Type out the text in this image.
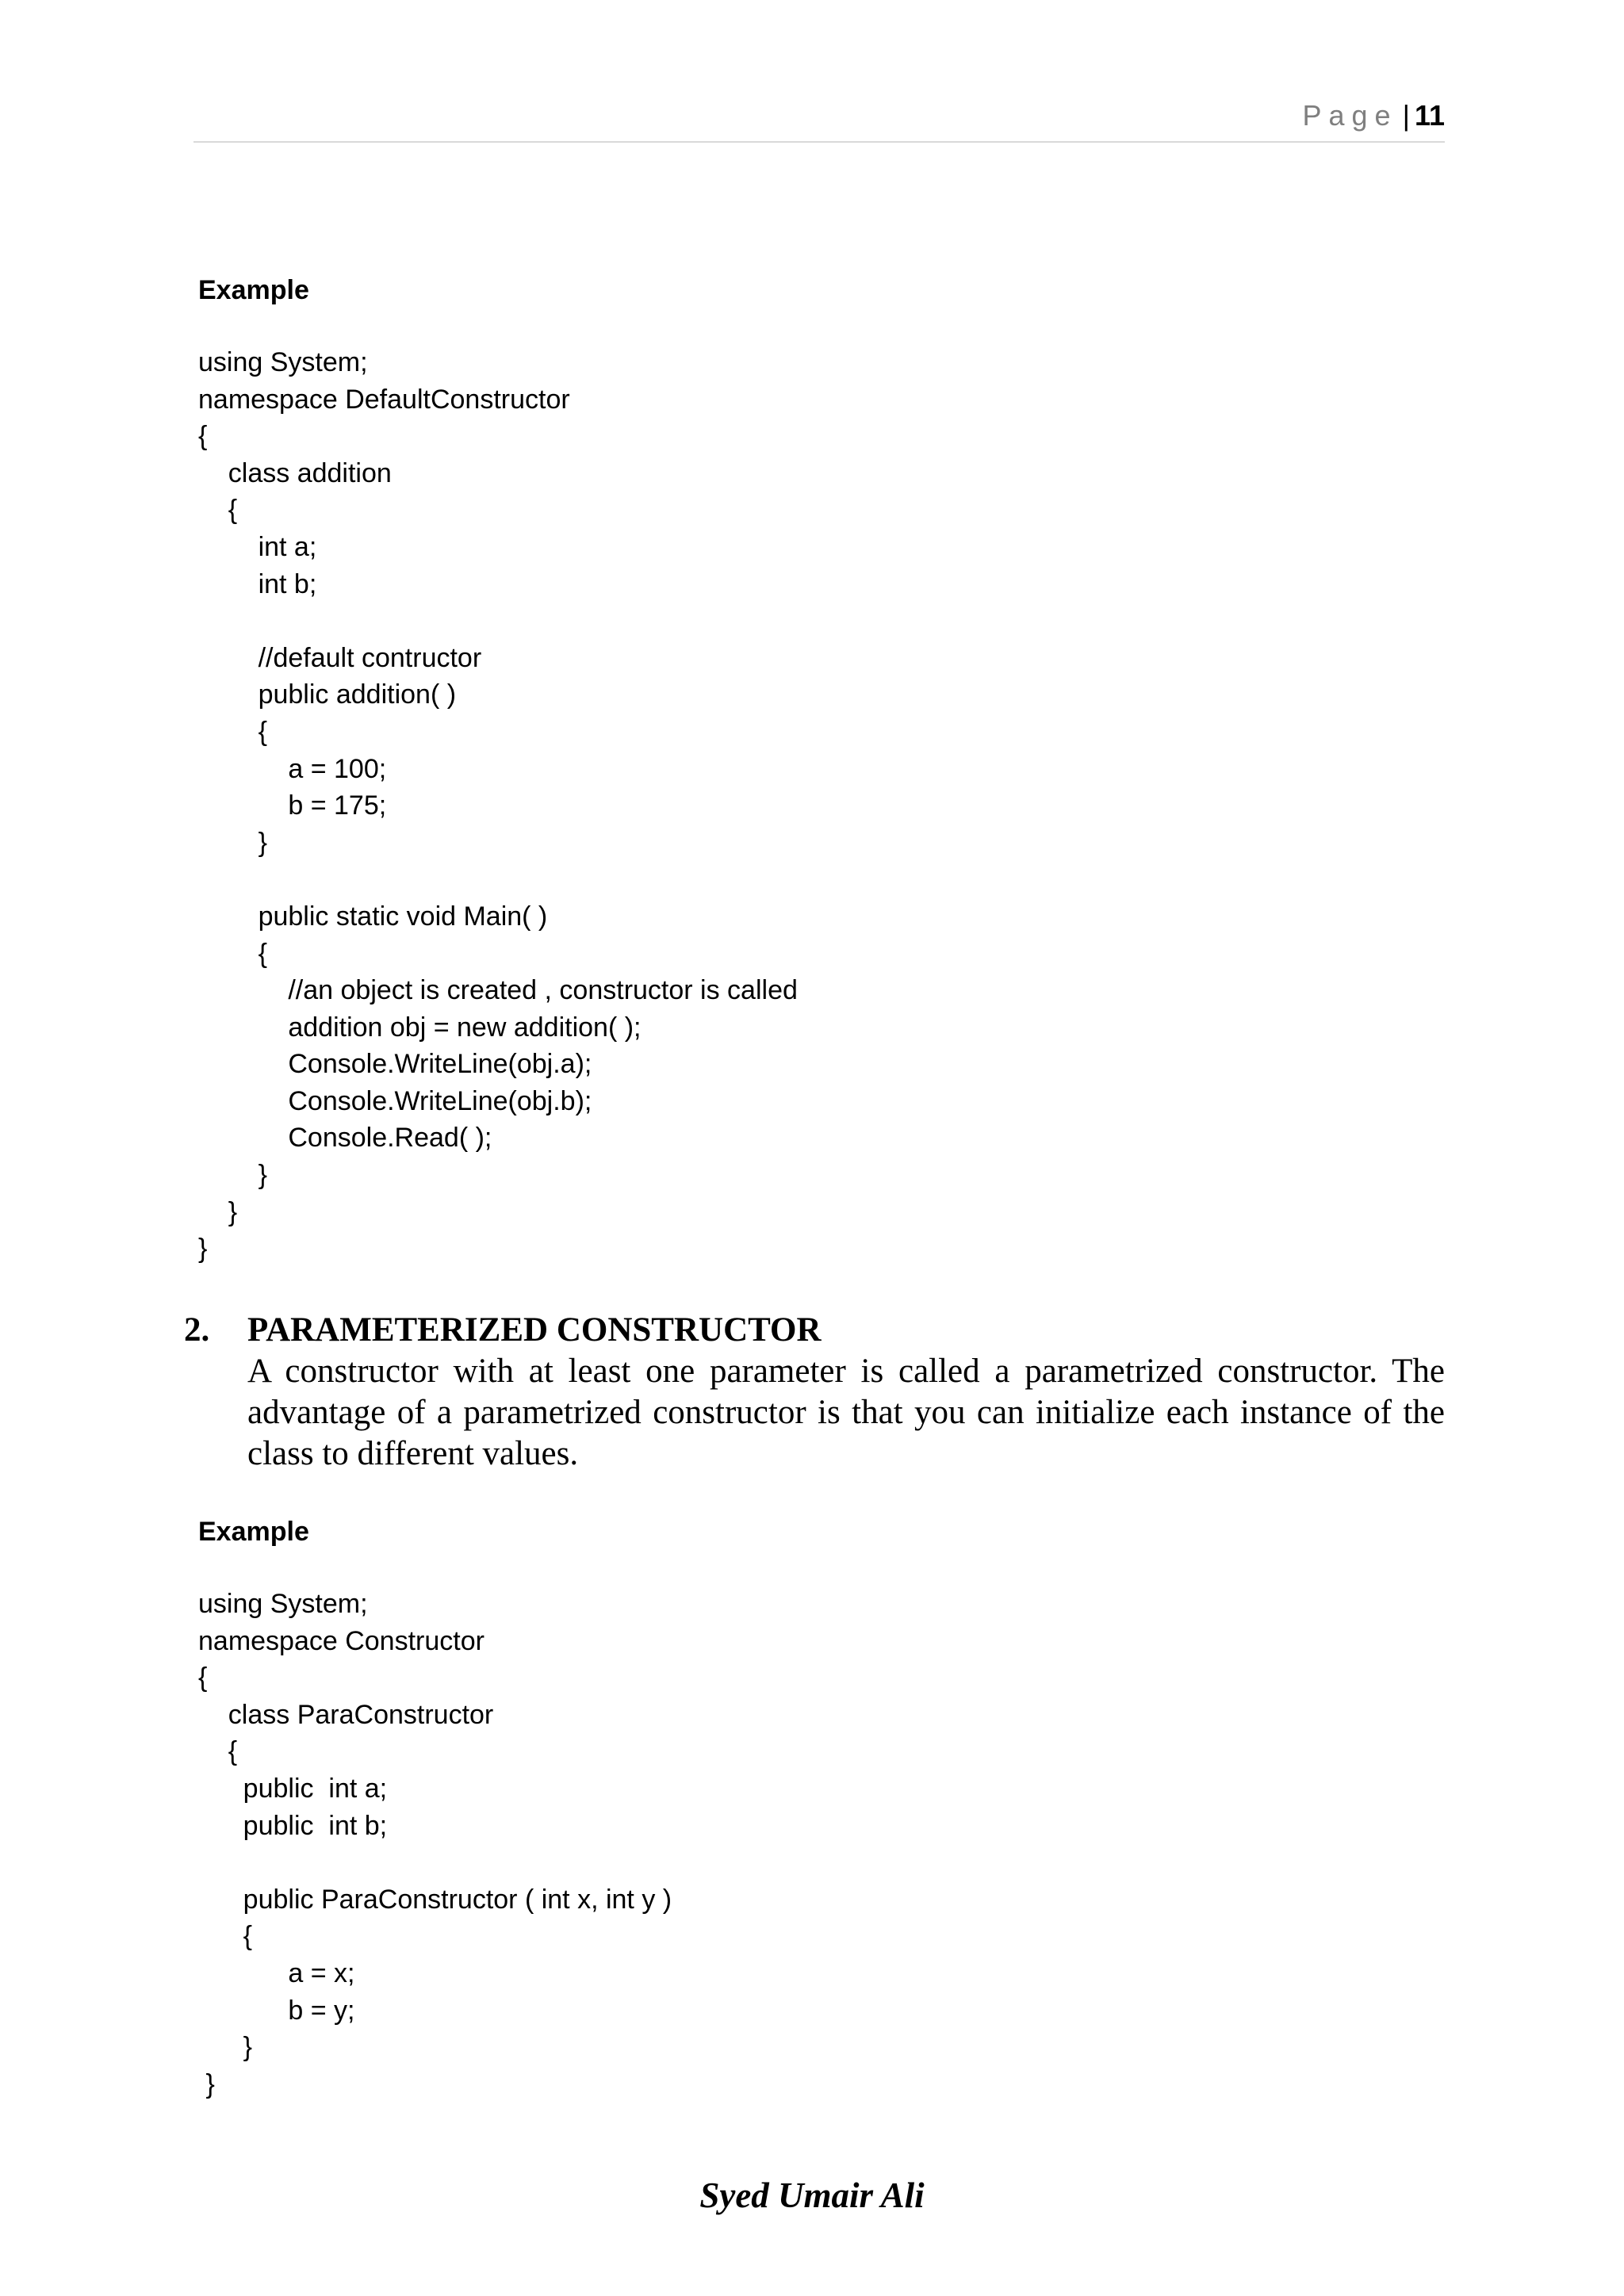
Page | 11
Example
using System;
namespace DefaultConstructor
{
class addition
{
int a;
int b;

//default contructor
public addition( )
{
a = 100;
b = 175;
}

public static void Main( )
{
//an object is created , constructor is called
addition obj = new addition( );
Console.WriteLine(obj.a);
Console.WriteLine(obj.b);
Console.Read( );
}
}
}
2. PARAMETERIZED CONSTRUCTOR

A constructor with at least one parameter is called a parametrized constructor. The advantage of a parametrized constructor is that you can initialize each instance of the class to different values.

Example
using System;
namespace Constructor
{
class ParaConstructor
{
public  int a;
public  int b;

public ParaConstructor ( int x, int y )
{
a = x;
b = y;
}
}
Syed Umair Ali
